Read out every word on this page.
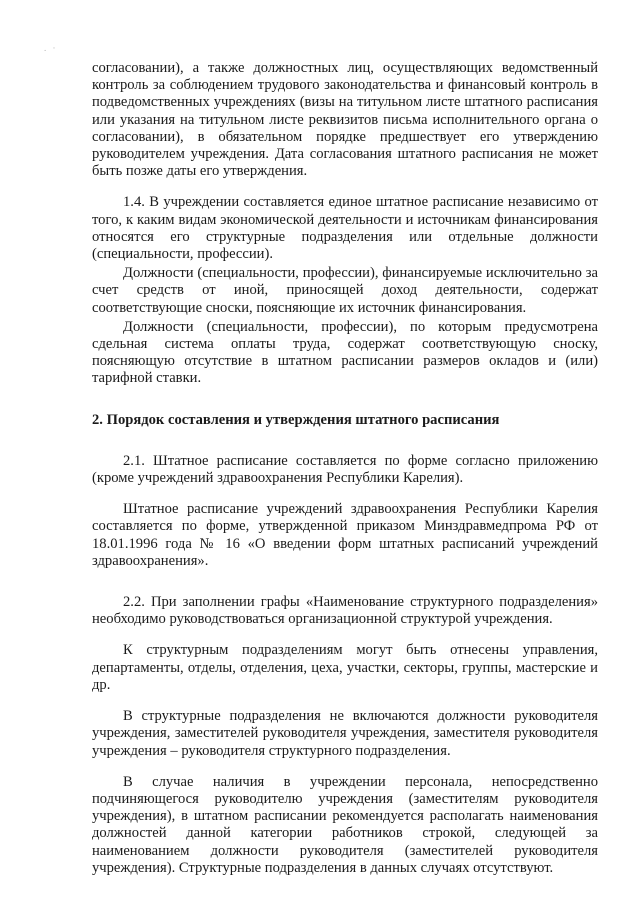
. ·

согласовании), а также должностных лиц, осуществляющих ведомственный контроль за соблюдением трудового законодательства и финансовый контроль в подведомственных учреждениях (визы на титульном листе штатного расписания или указания на титульном листе реквизитов письма исполнительного органа о согласовании), в обязательном порядке предшествует его утверждению руководителем учреждения. Дата согласования штатного расписания не может быть позже даты его утверждения.

1.4. В учреждении составляется единое штатное расписание независимо от того, к каким видам экономической деятельности и источникам финансирования относятся его структурные подразделения или отдельные должности (специальности, профессии).

Должности (специальности, профессии), финансируемые исключительно за счет средств от иной, приносящей доход деятельности, содержат соответствующие сноски, поясняющие их источник финансирования.

Должности (специальности, профессии), по которым предусмотрена сдельная система оплаты труда, содержат соответствующую сноску, поясняющую отсутствие в штатном расписании размеров окладов и (или) тарифной ставки.

2. Порядок составления и утверждения штатного расписания

2.1. Штатное расписание составляется по форме согласно приложению (кроме учреждений здравоохранения Республики Карелия).

Штатное расписание учреждений здравоохранения Республики Карелия составляется по форме, утвержденной приказом Минздравмедпрома РФ от 18.01.1996 года № 16 «О введении форм штатных расписаний учреждений здравоохранения».

2.2. При заполнении графы «Наименование структурного подразделения» необходимо руководствоваться организационной структурой учреждения.

К структурным подразделениям могут быть отнесены управления, департаменты, отделы, отделения, цеха, участки, секторы, группы, мастерские и др.

В структурные подразделения не включаются должности руководителя учреждения, заместителей руководителя учреждения, заместителя руководителя учреждения – руководителя структурного подразделения.

В случае наличия в учреждении персонала, непосредственно подчиняющегося руководителю учреждения (заместителям руководителя учреждения), в штатном расписании рекомендуется располагать наименования должностей данной категории работников строкой, следующей за наименованием должности руководителя (заместителей руководителя учреждения). Структурные подразделения в данных случаях отсутствуют.
